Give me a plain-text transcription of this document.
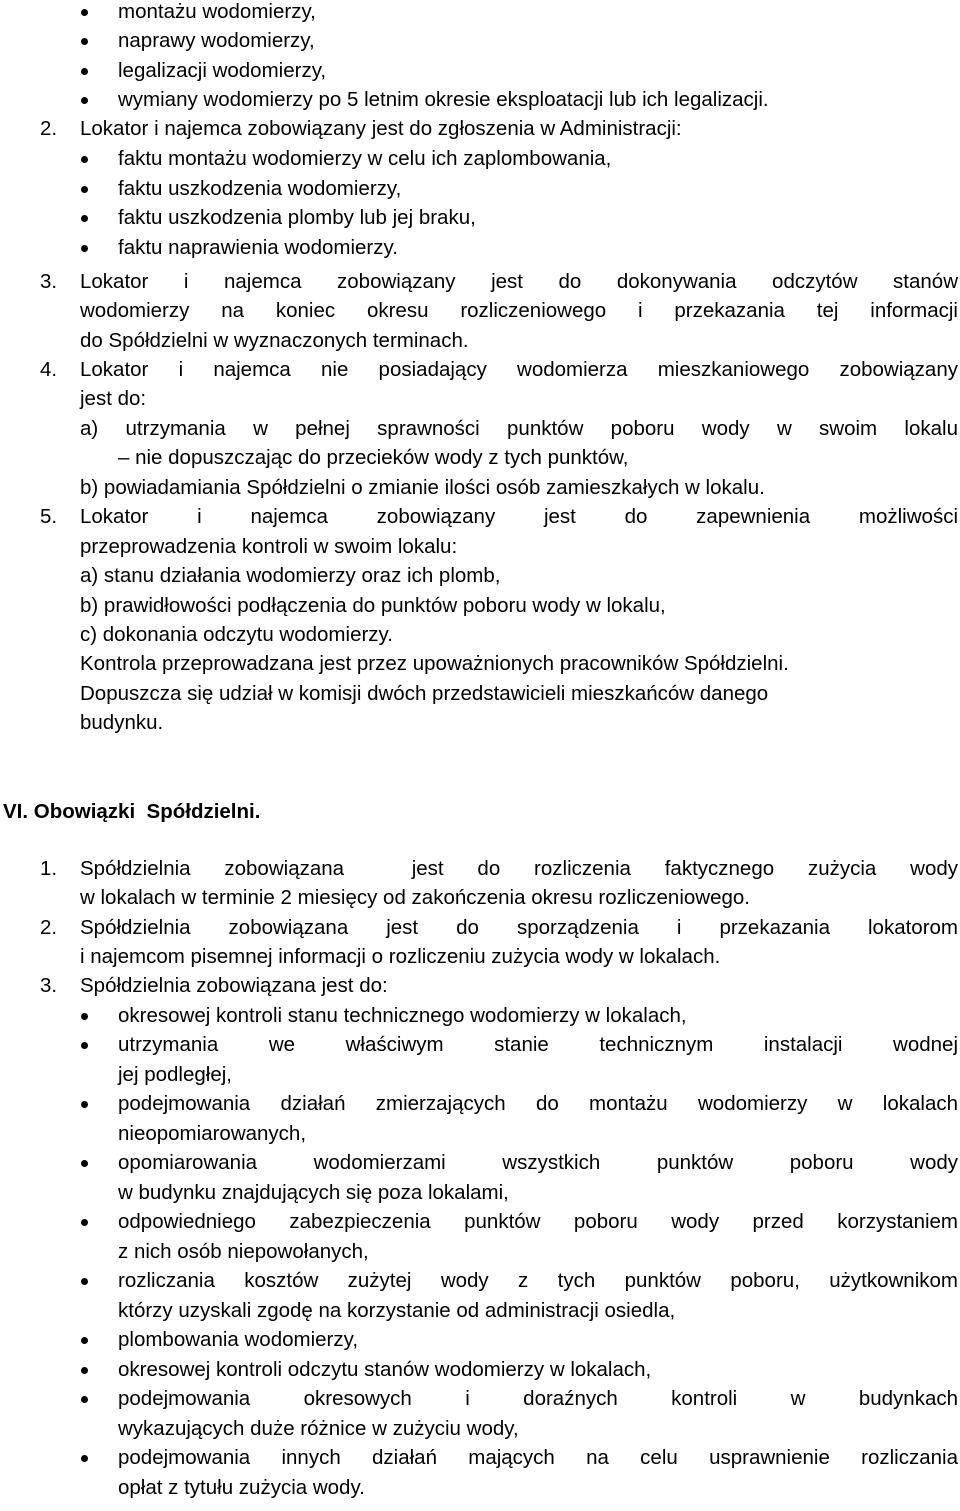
montażu wodomierzy,
naprawy wodomierzy,
legalizacji wodomierzy,
wymiany wodomierzy po 5 letnim okresie eksploatacji lub ich legalizacji.
2. Lokator i najemca zobowiązany jest do zgłoszenia w Administracji:
faktu montażu wodomierzy w celu ich zaplombowania,
faktu uszkodzenia wodomierzy,
faktu uszkodzenia plomby lub jej braku,
faktu naprawienia wodomierzy.
3. Lokator i najemca zobowiązany jest do dokonywania odczytów stanów
wodomierzy na koniec okresu rozliczeniowego i przekazania tej informacji
do Spółdzielni w wyznaczonych terminach.
4. Lokator i najemca nie posiadający wodomierza mieszkaniowego zobowiązany
jest do:
a) utrzymania w pełnej sprawności punktów poboru wody w swoim lokalu
– nie dopuszczając do przecieków wody z tych punktów,
b) powiadamiania Spółdzielni o zmianie ilości osób zamieszkałych w lokalu.
5. Lokator i najemca zobowiązany jest do zapewnienia możliwości
przeprowadzenia kontroli w swoim lokalu:
a) stanu działania wodomierzy oraz ich plomb,
b) prawidłowości podłączenia do punktów poboru wody w lokalu,
c) dokonania odczytu wodomierzy.
Kontrola przeprowadzana jest przez upoważnionych pracowników Spółdzielni.
Dopuszcza się udział w komisji dwóch przedstawicieli mieszkańców danego
budynku.
VI. Obowiązki  Spółdzielni.
1. Spółdzielnia zobowiązana  jest do rozliczenia faktycznego zużycia wody
w lokalach w terminie 2 miesięcy od zakończenia okresu rozliczeniowego.
2. Spółdzielnia zobowiązana jest do sporządzenia i przekazania lokatorom
i najemcom pisemnej informacji o rozliczeniu zużycia wody w lokalach.
3. Spółdzielnia zobowiązana jest do:
okresowej kontroli stanu technicznego wodomierzy w lokalach,
utrzymania we właściwym stanie technicznym instalacji wodnej
jej podległej,
podejmowania działań zmierzających do montażu wodomierzy w lokalach
nieopomiarowanych,
opomiarowania wodomierzami wszystkich punktów poboru wody
w budynku znajdujących się poza lokalami,
odpowiedniego zabezpieczenia punktów poboru wody przed korzystaniem
z nich osób niepowołanych,
rozliczania kosztów zużytej wody z tych punktów poboru, użytkownikom
którzy uzyskali zgodę na korzystanie od administracji osiedla,
plombowania wodomierzy,
okresowej kontroli odczytu stanów wodomierzy w lokalach,
podejmowania okresowych i doraźnych kontroli w budynkach
wykazujących duże różnice w zużyciu wody,
podejmowania innych działań mających na celu usprawnienie rozliczania
opłat z tytułu zużycia wody.
